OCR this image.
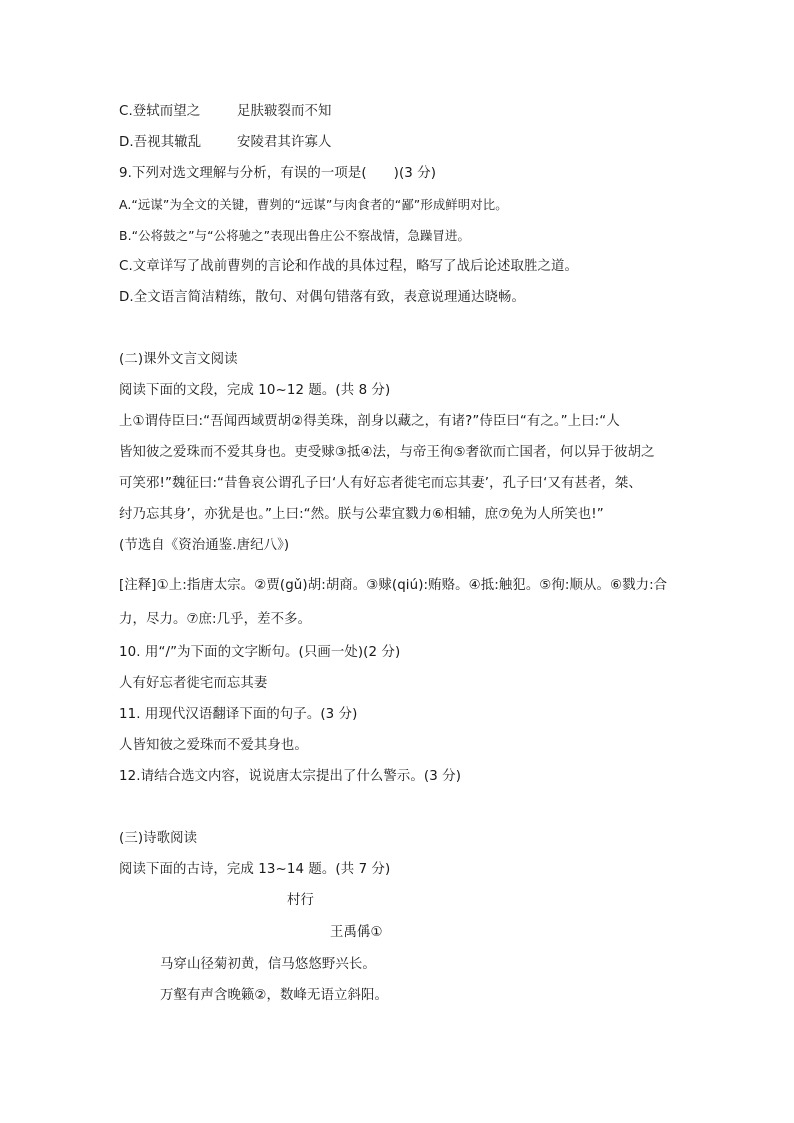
C.登轼而望之	足肤皲裂而不知
D.吾视其辙乱	安陵君其许寡人
9.下列对选文理解与分析，有误的一项是(　　)(3 分)
A.“远谋”为全文的关键，曹刿的“远谋”与肉食者的“鄙”形成鲜明对比。
B.“公将鼓之”与“公将驰之”表现出鲁庄公不察战情，急躁冒进。
C.文章详写了战前曹刿的言论和作战的具体过程，略写了战后论述取胜之道。
D.全文语言简洁精练，散句、对偶句错落有致，表意说理通达晓畅。
(二)课外文言文阅读
阅读下面的文段，完成 10~12 题。(共 8 分)
上①谓侍臣曰:“吾闻西域贾胡②得美珠，剖身以藏之，有诸?”侍臣曰“有之。”上曰:“人
皆知彼之爱珠而不爱其身也。吏受赇③抵④法，与帝王徇⑤奢欲而亡国者，何以异于彼胡之
可笑邪!”魏征曰:“昔鲁哀公谓孔子曰‘人有好忘者徙宅而忘其妻’，孔子曰‘又有甚者，桀、
纣乃忘其身’，亦犹是也。”上曰:“然。朕与公辈宜戮力⑥相辅，庶⑦免为人所笑也!”
(节选自《资治通鉴.唐纪八》)
[注释]①上:指唐太宗。②贾(gǔ)胡:胡商。③赇(qiú):贿赂。④抵:触犯。⑤徇:顺从。⑥戮力:合
力，尽力。⑦庶:几乎，差不多。
10. 用“/”为下面的文字断句。(只画一处)(2 分)
人有好忘者徙宅而忘其妻
11. 用现代汉语翻译下面的句子。(3 分)
人皆知彼之爱珠而不爱其身也。
12.请结合选文内容，说说唐太宗提出了什么警示。(3 分)
(三)诗歌阅读
阅读下面的古诗，完成 13~14 题。(共 7 分)
村行
王禹偁①
马穿山径菊初黄，信马悠悠野兴长。
万壑有声含晚籁②，数峰无语立斜阳。
